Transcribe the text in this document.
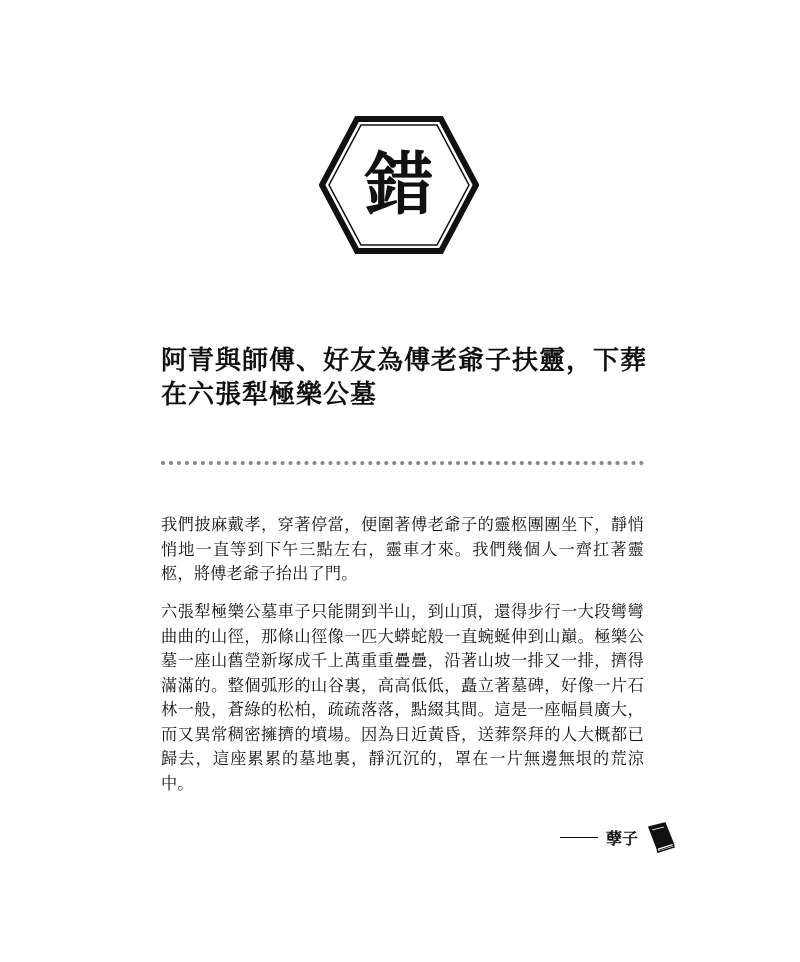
錯
阿青與師傅、好友為傅老爺子扶靈，下葬在六張犁極樂公墓

我們披麻戴孝，穿著停當，便圍著傅老爺子的靈柩團團坐下，靜悄悄地一直等到下午三點左右，靈車才來。我們幾個人一齊扛著靈柩，將傅老爺子抬出了門。

六張犁極樂公墓車子只能開到半山，到山頂，還得步行一大段彎彎曲曲的山徑，那條山徑像一匹大蟒蛇般一直蜿蜒伸到山巔。極樂公墓一座山舊塋新塚成千上萬重重疊疊，沿著山坡一排又一排，擠得滿滿的。整個弧形的山谷裏，高高低低，矗立著墓碑，好像一片石林一般，蒼綠的松柏，疏疏落落，點綴其間。這是一座幅員廣大，而又異常稠密擁擠的墳場。因為日近黃昏，送葬祭拜的人大概都已歸去，這座累累的墓地裏，靜沉沉的，罩在一片無邊無垠的荒涼中。

孽子
